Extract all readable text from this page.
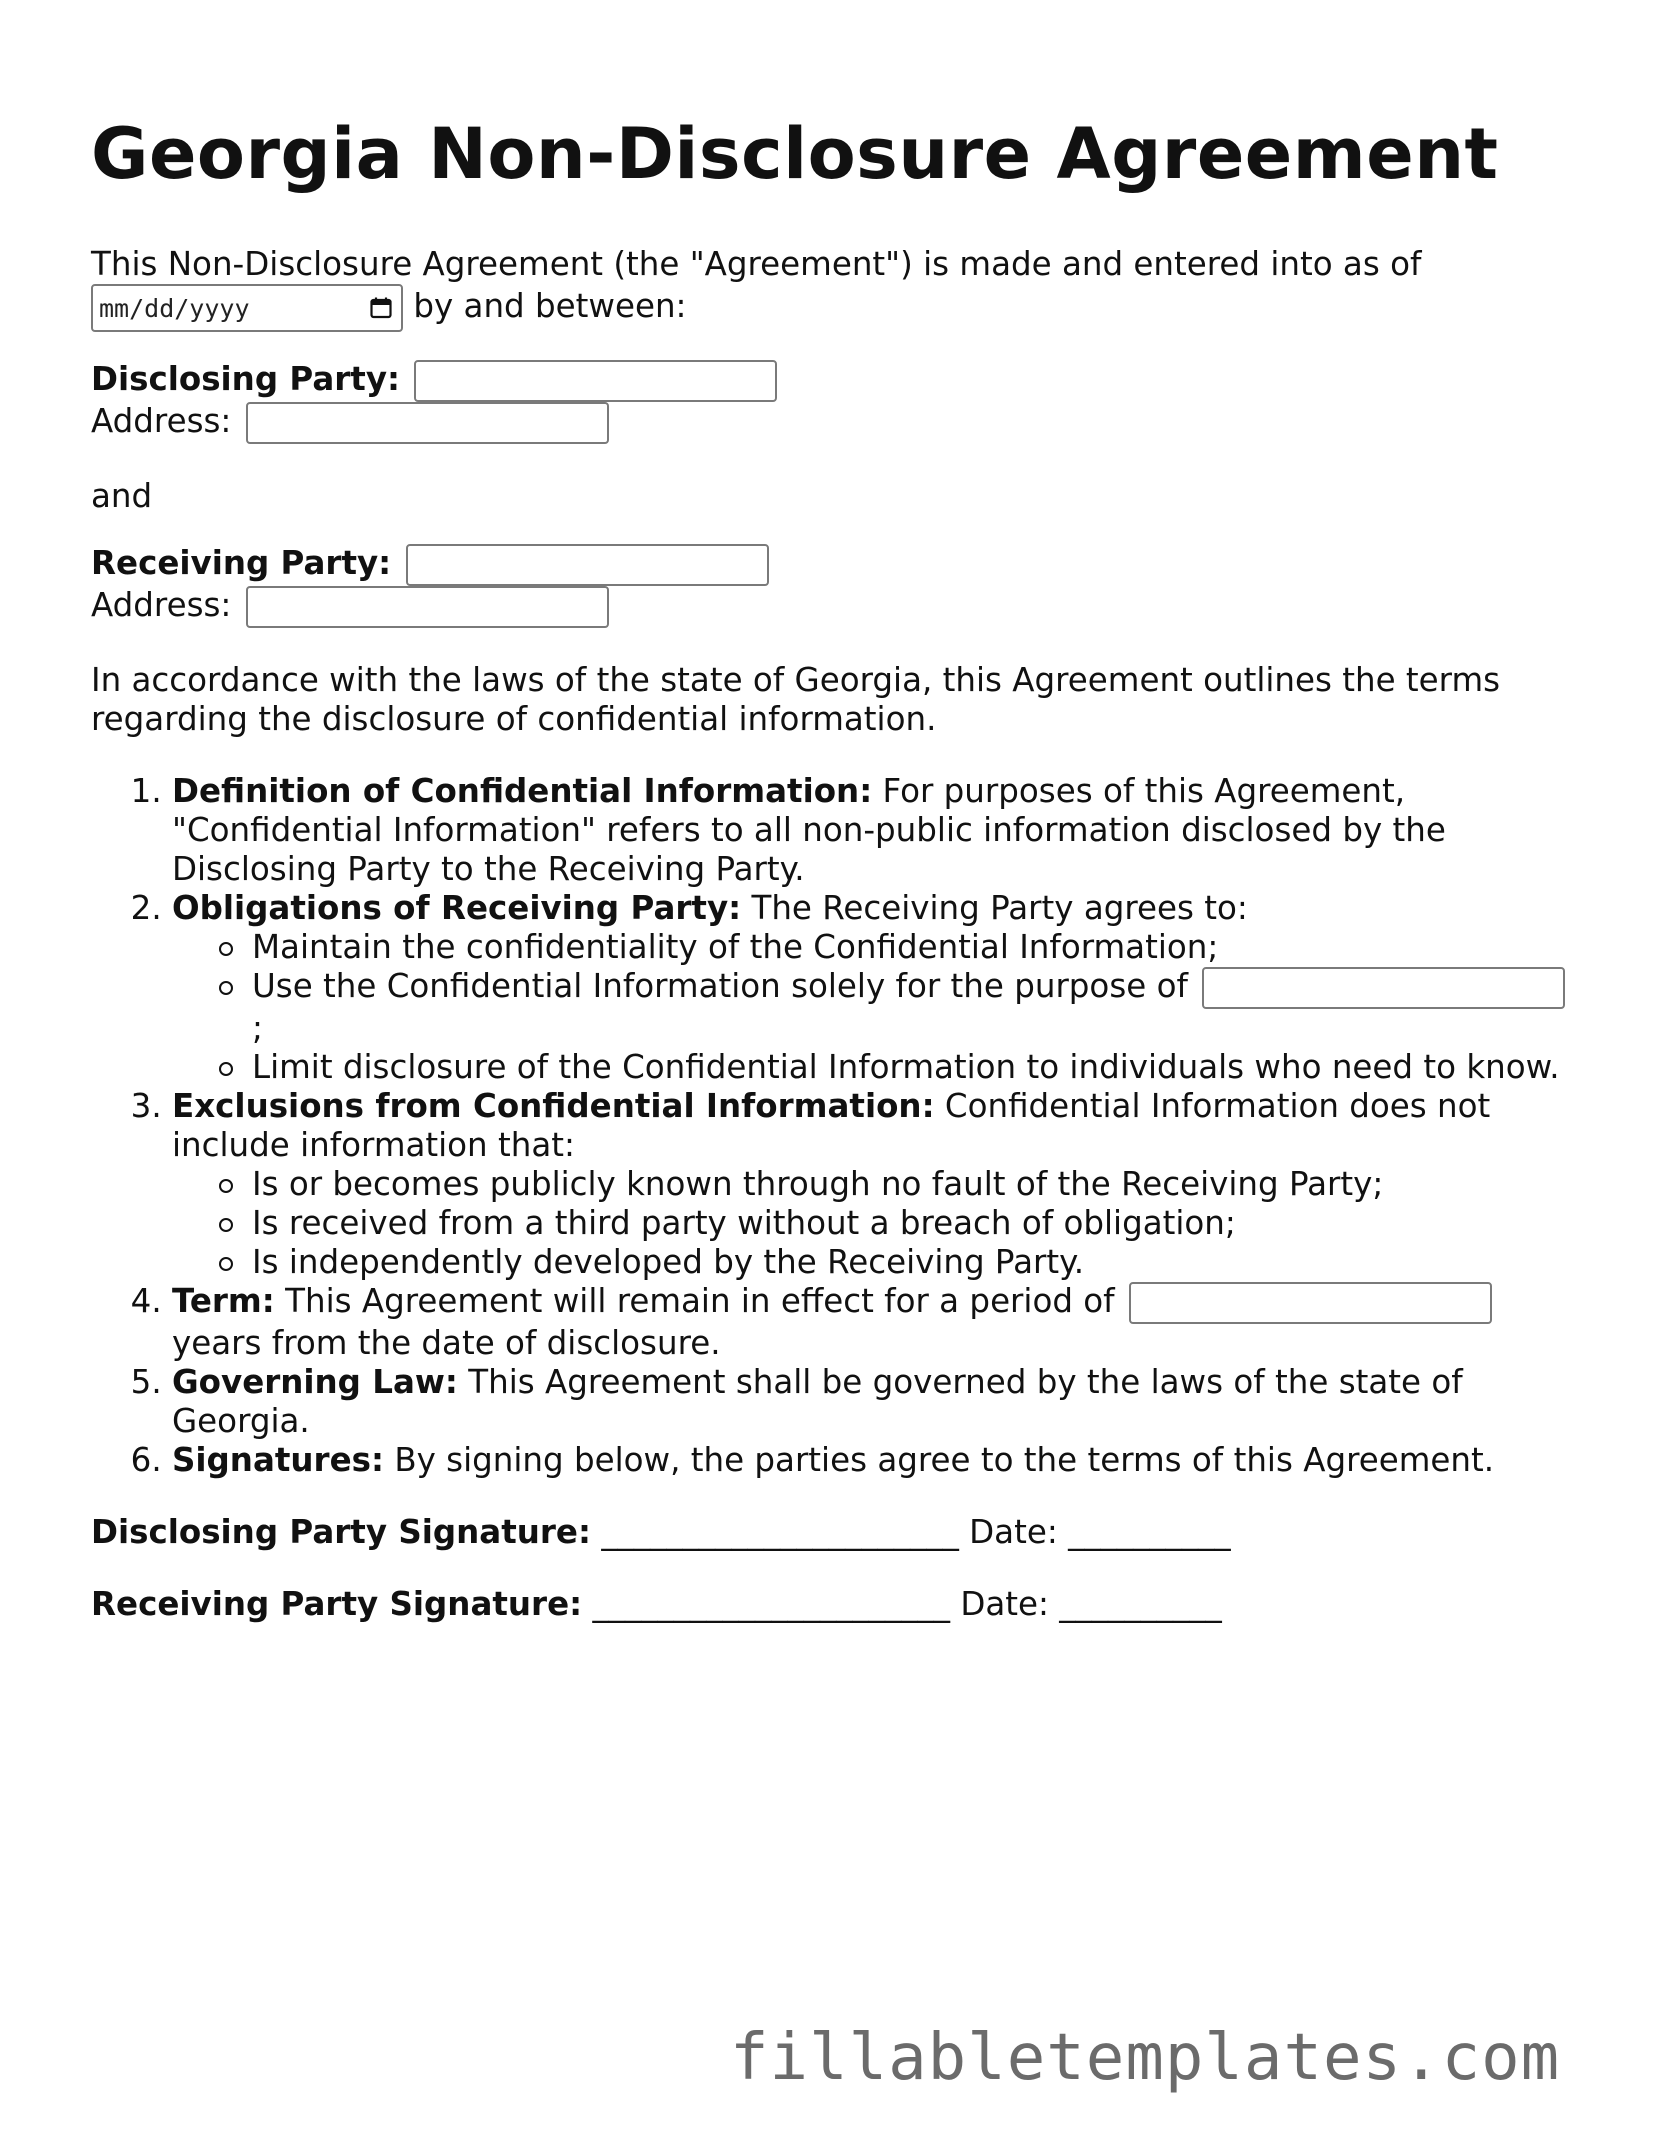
Georgia Non-Disclosure Agreement

This Non-Disclosure Agreement (the "Agreement") is made and entered into as of

mm/dd/yyyy	by and between:

Disclosing Party:
Address:

and

Receiving Party:
Address:

In accordance with the laws of the state of Georgia, this Agreement outlines the terms regarding the disclosure of confidential information.

1. Definition of Confidential Information: For purposes of this Agreement, "Confidential Information" refers to all non-public information disclosed by the Disclosing Party to the Receiving Party.
2. Obligations of Receiving Party: The Receiving Party agrees to:
Maintain the confidentiality of the Confidential Information;
Use the Confidential Information solely for the purpose of
;
Limit disclosure of the Confidential Information to individuals who need to know.
3. Exclusions from Confidential Information: Confidential Information does not include information that:
Is or becomes publicly known through no fault of the Receiving Party;
Is received from a third party without a breach of obligation;
Is independently developed by the Receiving Party.
4. Term: This Agreement will remain in effect for a period of
years from the date of disclosure.
5. Governing Law: This Agreement shall be governed by the laws of the state of Georgia.
6. Signatures: By signing below, the parties agree to the terms of this Agreement.

Disclosing Party Signature: ______________________ Date: __________

Receiving Party Signature: ______________________ Date: __________

fillabletemplates.com
